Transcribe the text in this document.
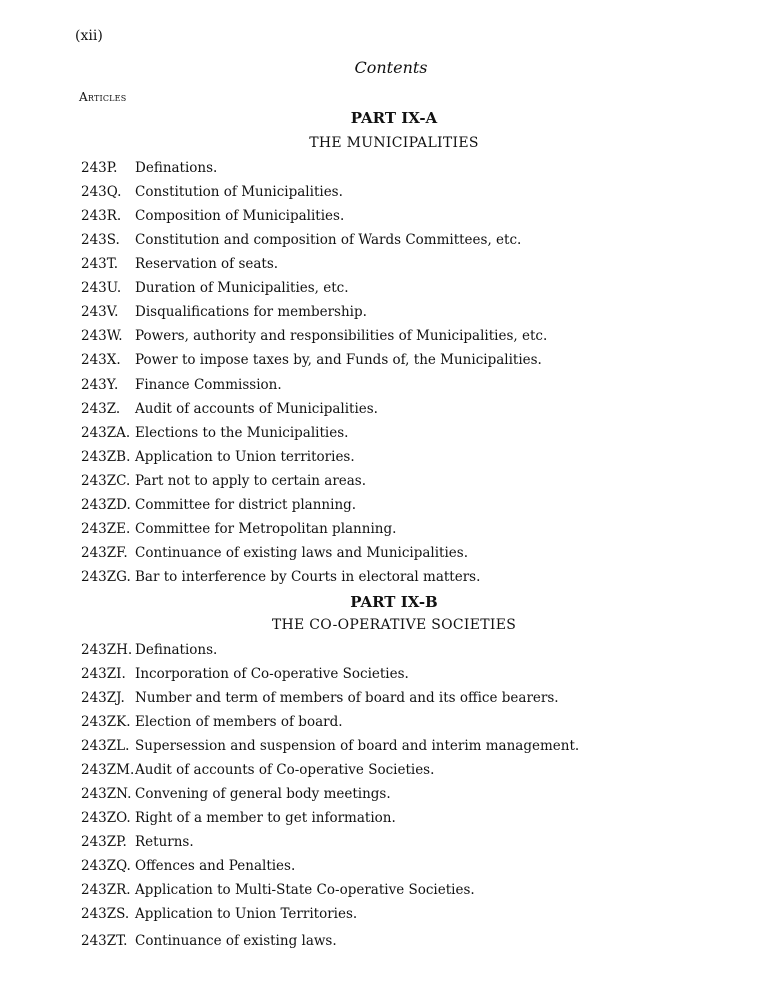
(xii)
Contents
Articles
PART IX-A
THE MUNICIPALITIES
243P. Definations.
243Q. Constitution of Municipalities.
243R. Composition of Municipalities.
243S. Constitution and composition of Wards Committees, etc.
243T. Reservation of seats.
243U. Duration of Municipalities, etc.
243V. Disqualifications for membership.
243W. Powers, authority and responsibilities of Municipalities, etc.
243X. Power to impose taxes by, and Funds of, the Municipalities.
243Y. Finance Commission.
243Z. Audit of accounts of Municipalities.
243ZA. Elections to the Municipalities.
243ZB. Application to Union territories.
243ZC. Part not to apply to certain areas.
243ZD. Committee for district planning.
243ZE. Committee for Metropolitan planning.
243ZF. Continuance of existing laws and Municipalities.
243ZG. Bar to interference by Courts in electoral matters.
PART IX-B
THE CO-OPERATIVE SOCIETIES
243ZH. Definations.
243ZI. Incorporation of Co-operative Societies.
243ZJ. Number and term of members of board and its office bearers.
243ZK. Election of members of board.
243ZL. Supersession and suspension of board and interim management.
243ZM.Audit of accounts of Co-operative Societies.
243ZN. Convening of general body meetings.
243ZO. Right of a member to get information.
243ZP. Returns.
243ZQ. Offences and Penalties.
243ZR. Application to Multi-State Co-operative Societies.
243ZS. Application to Union Territories.
243ZT. Continuance of existing laws.
